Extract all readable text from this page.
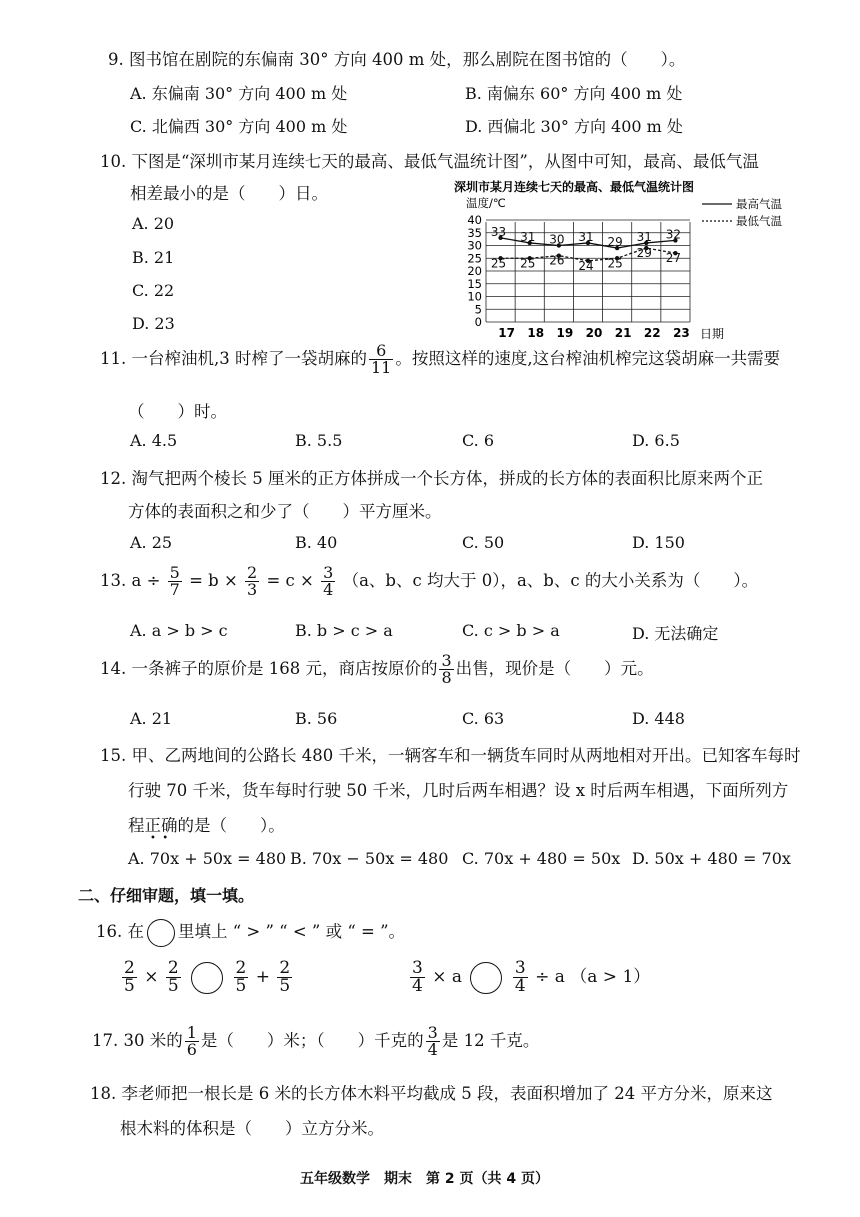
9. 图书馆在剧院的东偏南 30° 方向 400 m 处，那么剧院在图书馆的（　　）。
A. 东偏南 30° 方向 400 m 处	B. 南偏东 60° 方向 400 m 处
C. 北偏西 30° 方向 400 m 处	D. 西偏北 30° 方向 400 m 处
10. 下图是“深圳市某月连续七天的最高、最低气温统计图”，从图中可知，最高、最低气温
相差最小的是（　　）日。
A. 20
B. 21
C. 22
D. 23
深圳市某月连续七天的最高、最低气温统计图
温度/℃
日期
最高气温
最低气温
0
5
10
15
20
25
30
35
40
17 18 19 20 21 22 23
33 31 30 31 29 31 32
25 25 26 24 25
29 27
11. 一台榨油机,3 时榨了一袋胡麻的 $\frac{6}{11}$ 。按照这样的速度,这台榨油机榨完这袋胡麻一共需要
（　　）时。
A. 4.5	B. 5.5	C. 6	D. 6.5
12. 淘气把两个棱长 5 厘米的正方体拼成一个长方体，拼成的长方体的表面积比原来两个正
方体的表面积之和少了（　　）平方厘米。
A. 25	B. 40	C. 50	D. 150
13. $a \div \frac{5}{7} = b \times \frac{2}{3} = c \times \frac{3}{4} (a$、b、c 均大于 0），a、b、c 的大小关系为（　　）。
A. a > b > c	B. b > c > a	C. c > b > a	D. 无法确定
14. 一条裤子的原价是 168 元，商店按原价的 $\frac{3}{8}$ 出售，现价是（　　）元。
A. 21	B. 56	C. 63	D. 448
15. 甲、乙两地间的公路长 480 千米，一辆客车和一辆货车同时从两地相对开出。已知客车每时
行驶 70 千米，货车每时行驶 50 千米，几时后两车相遇？设 x 时后两车相遇，下面所列方
程正确的是（　　）。
•  •
A. 70x + 50x = 480 B. 70x − 50x = 480 C. 70x + 480 = 50x D. 50x + 480 = 70x
二、仔细审题，填一填。
16. 在 里填上 “ > ” “ < ” 或 “ = ”。
$\frac{2}{5} \times \frac{2}{5}$
	$\frac{2}{5} + \frac{2}{5}$	$\frac{3}{4} \times a$	$\frac{3}{4} \div a$ （a > 1）
17. 30 米的 $\frac{1}{6}$ 是（　　）米；（　　）千克的 $\frac{3}{4}$ 是 12 千克。
18. 李老师把一根长是 6 米的长方体木料平均截成 5 段，表面积增加了 24 平方分米，原来这
根木料的体积是（　　）立方分米。
五年级数学　期末　第 2 页（共 4 页）
